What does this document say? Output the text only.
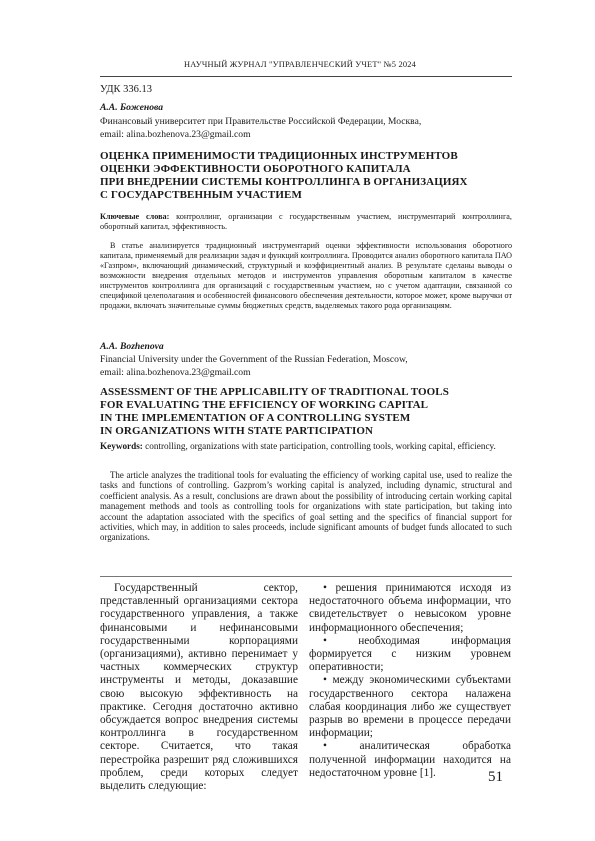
НАУЧНЫЙ ЖУРНАЛ "УПРАВЛЕНЧЕСКИЙ УЧЕТ" №5 2024
УДК 336.13
А.А. Боженова
Финансовый университет при Правительстве Российской Федерации, Москва,
email: alina.bozhenova.23@gmail.com
ОЦЕНКА ПРИМЕНИМОСТИ ТРАДИЦИОННЫХ ИНСТРУМЕНТОВ
ОЦЕНКИ ЭФФЕКТИВНОСТИ ОБОРОТНОГО КАПИТАЛА
ПРИ ВНЕДРЕНИИ СИСТЕМЫ КОНТРОЛЛИНГА В ОРГАНИЗАЦИЯХ
С ГОСУДАРСТВЕННЫМ УЧАСТИЕМ
Ключевые слова: контроллинг, организации с государственным участием, инструментарий контроллинга, оборотный капитал, эффективность.
В статье анализируется традиционный инструментарий оценки эффективности использования оборотного капитала, применяемый для реализации задач и функций контроллинга. Проводится анализ оборотного капитала ПАО «Газпром», включающий динамический, структурный и коэффициентный анализ. В результате сделаны выводы о возможности внедрения отдельных методов и инструментов управления оборотным капиталом в качестве инструментов контроллинга для организаций с государственным участием, но с учетом адаптации, связанной со спецификой целеполагания и особенностей финансового обеспечения деятельности, которое может, кроме выручки от продажи, включать значительные суммы бюджетных средств, выделяемых такого рода организациям.
A.A. Bozhenova
Financial University under the Government of the Russian Federation, Moscow,
email: alina.bozhenova.23@gmail.com
ASSESSMENT OF THE APPLICABILITY OF TRADITIONAL TOOLS
FOR EVALUATING THE EFFICIENCY OF WORKING CAPITAL
IN THE IMPLEMENTATION OF A CONTROLLING SYSTEM
IN ORGANIZATIONS WITH STATE PARTICIPATION
Keywords: controlling, organizations with state participation, controlling tools, working capital, efficiency.
The article analyzes the traditional tools for evaluating the efficiency of working capital use, used to realize the tasks and functions of controlling. Gazprom’s working capital is analyzed, including dynamic, structural and coefficient analysis. As a result, conclusions are drawn about the possibility of introducing certain working capital management methods and tools as controlling tools for organizations with state participation, but taking into account the adaptation associated with the specifics of goal setting and the specifics of financial support for activities, which may, in addition to sales proceeds, include significant amounts of budget funds allocated to such organizations.
Государственный сектор, представленный организациями сектора государственного управления, а также финансовыми и нефинансовыми государственными корпорациями (организациями), активно перенимает у частных коммерческих структур инструменты и методы, доказавшие свою высокую эффективность на практике. Сегодня достаточно активно обсуждается вопрос внедрения системы контроллинга в государственном секторе. Считается, что такая перестройка разрешит ряд сложившихся проблем, среди которых следует выделить следующие:

• решения принимаются исходя из недостаточного объема информации, что свидетельствует о невысоком уровне информационного обеспечения;

• необходимая информация формируется с низким уровнем оперативности;

• между экономическими субъектами государственного сектора налажена слабая координация либо же существует разрыв во времени в процессе передачи информации;

• аналитическая обработка полученной информации находится на недостаточном уровне [1].	51
